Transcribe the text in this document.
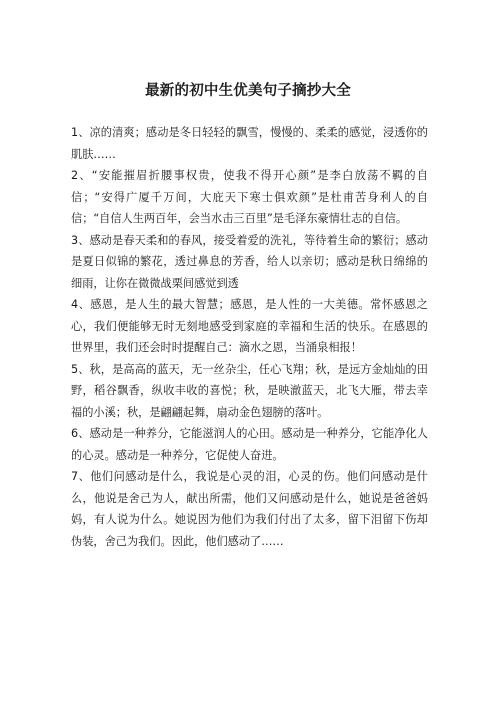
最新的初中生优美句子摘抄大全

1、凉的清爽；感动是冬日轻轻的飘雪，慢慢的、柔柔的感觉，浸透你的肌肤……

2、“安能摧眉折腰事权贵，使我不得开心颜”是李白放荡不羁的自信；“安得广厦千万间，大庇天下寒士俱欢颜”是杜甫苦身利人的自信；“自信人生两百年，会当水击三百里”是毛泽东豪情壮志的自信。

3、感动是春天柔和的春风，接受着爱的洗礼，等待着生命的繁衍；感动是夏日似锦的繁花，透过鼻息的芳香，给人以亲切；感动是秋日绵绵的细雨，让你在微微战栗间感觉到透

4、感恩，是人生的最大智慧；感恩，是人性的一大美德。常怀感恩之心，我们便能够无时无刻地感受到家庭的幸福和生活的快乐。在感恩的世界里，我们还会时时提醒自己：滴水之恩，当涌泉相报！

5、秋，是高高的蓝天，无一丝杂尘，任心飞翔；秋，是远方金灿灿的田野，稻谷飘香，纵收丰收的喜悦；秋，是映澈蓝天，北飞大雁，带去幸福的小溪；秋，是翩翩起舞，扇动金色翅膀的落叶。

6、感动是一种养分，它能滋润人的心田。感动是一种养分，它能净化人的心灵。感动是一种养分，它促使人奋进。

7、他们问感动是什么，我说是心灵的泪，心灵的伤。他们问感动是什么，他说是舍己为人，献出所需，他们又问感动是什么，她说是爸爸妈妈，有人说为什么。她说因为他们为我们付出了太多，留下泪留下伤却伪装，舍己为我们。因此，他们感动了……
